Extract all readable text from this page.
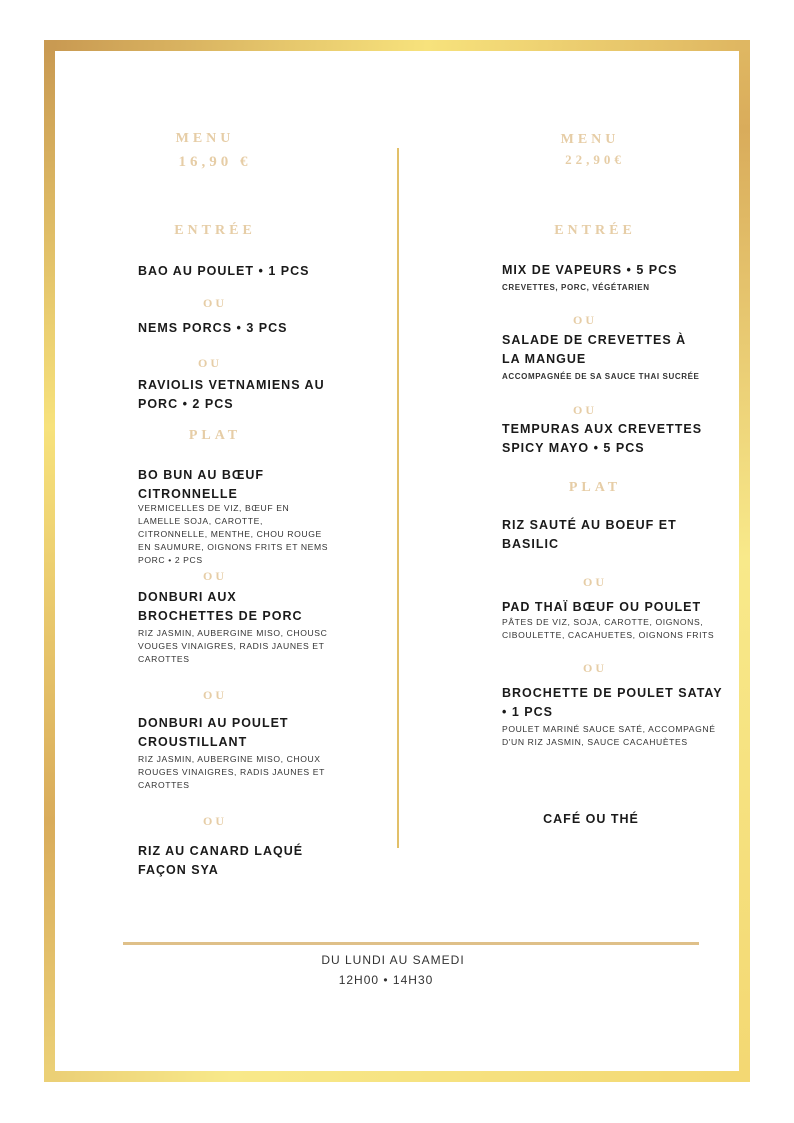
MENU

16,90 €

ENTRÉE

BAO AU POULET • 1 PCS

OU

NEMS PORCS • 3 PCS

OU

RAVIOLIS VETNAMIENS AU PORC • 2 PCS

PLAT

BO BUN AU BŒUF CITRONNELLE

VERMICELLES DE VIZ, BŒUF EN LAMELLE SOJA, CAROTTE, CITRONNELLE, MENTHE, CHOU ROUGE EN SAUMURE, OIGNONS FRITS ET NEMS PORC • 2 PCS

OU

DONBURI AUX BROCHETTES DE PORC

RIZ JASMIN, AUBERGINE MISO, CHOUSC VOUGES VINAIGRES, RADIS JAUNES ET CAROTTES

OU

DONBURI AU POULET CROUSTILLANT

RIZ JASMIN, AUBERGINE MISO, CHOUX ROUGES VINAIGRES, RADIS JAUNES ET CAROTTES

OU

RIZ AU CANARD LAQUÉ FAÇON SYA

MENU

22,90€

ENTRÉE

MIX DE VAPEURS • 5 PCS

CREVETTES, PORC, VÉGÉTARIEN

OU

SALADE DE CREVETTES À LA MANGUE

ACCOMPAGNÉE DE SA SAUCE THAI SUCRÉE

OU

TEMPURAS AUX CREVETTES SPICY MAYO • 5 PCS

PLAT

RIZ SAUTÉ AU BOEUF ET BASILIC

OU

PAD THAÏ BŒUF OU POULET

PÂTES DE VIZ, SOJA, CAROTTE, OIGNONS, CIBOULETTE, CACAHUETES, OIGNONS FRITS

OU

BROCHETTE DE POULET SATAY • 1 PCS

POULET MARINÉ SAUCE SATÉ, ACCOMPAGNÉ D'UN RIZ JASMIN, SAUCE CACAHUÈTES

CAFÉ OU THÉ

DU LUNDI AU SAMEDI

12H00 • 14H30
